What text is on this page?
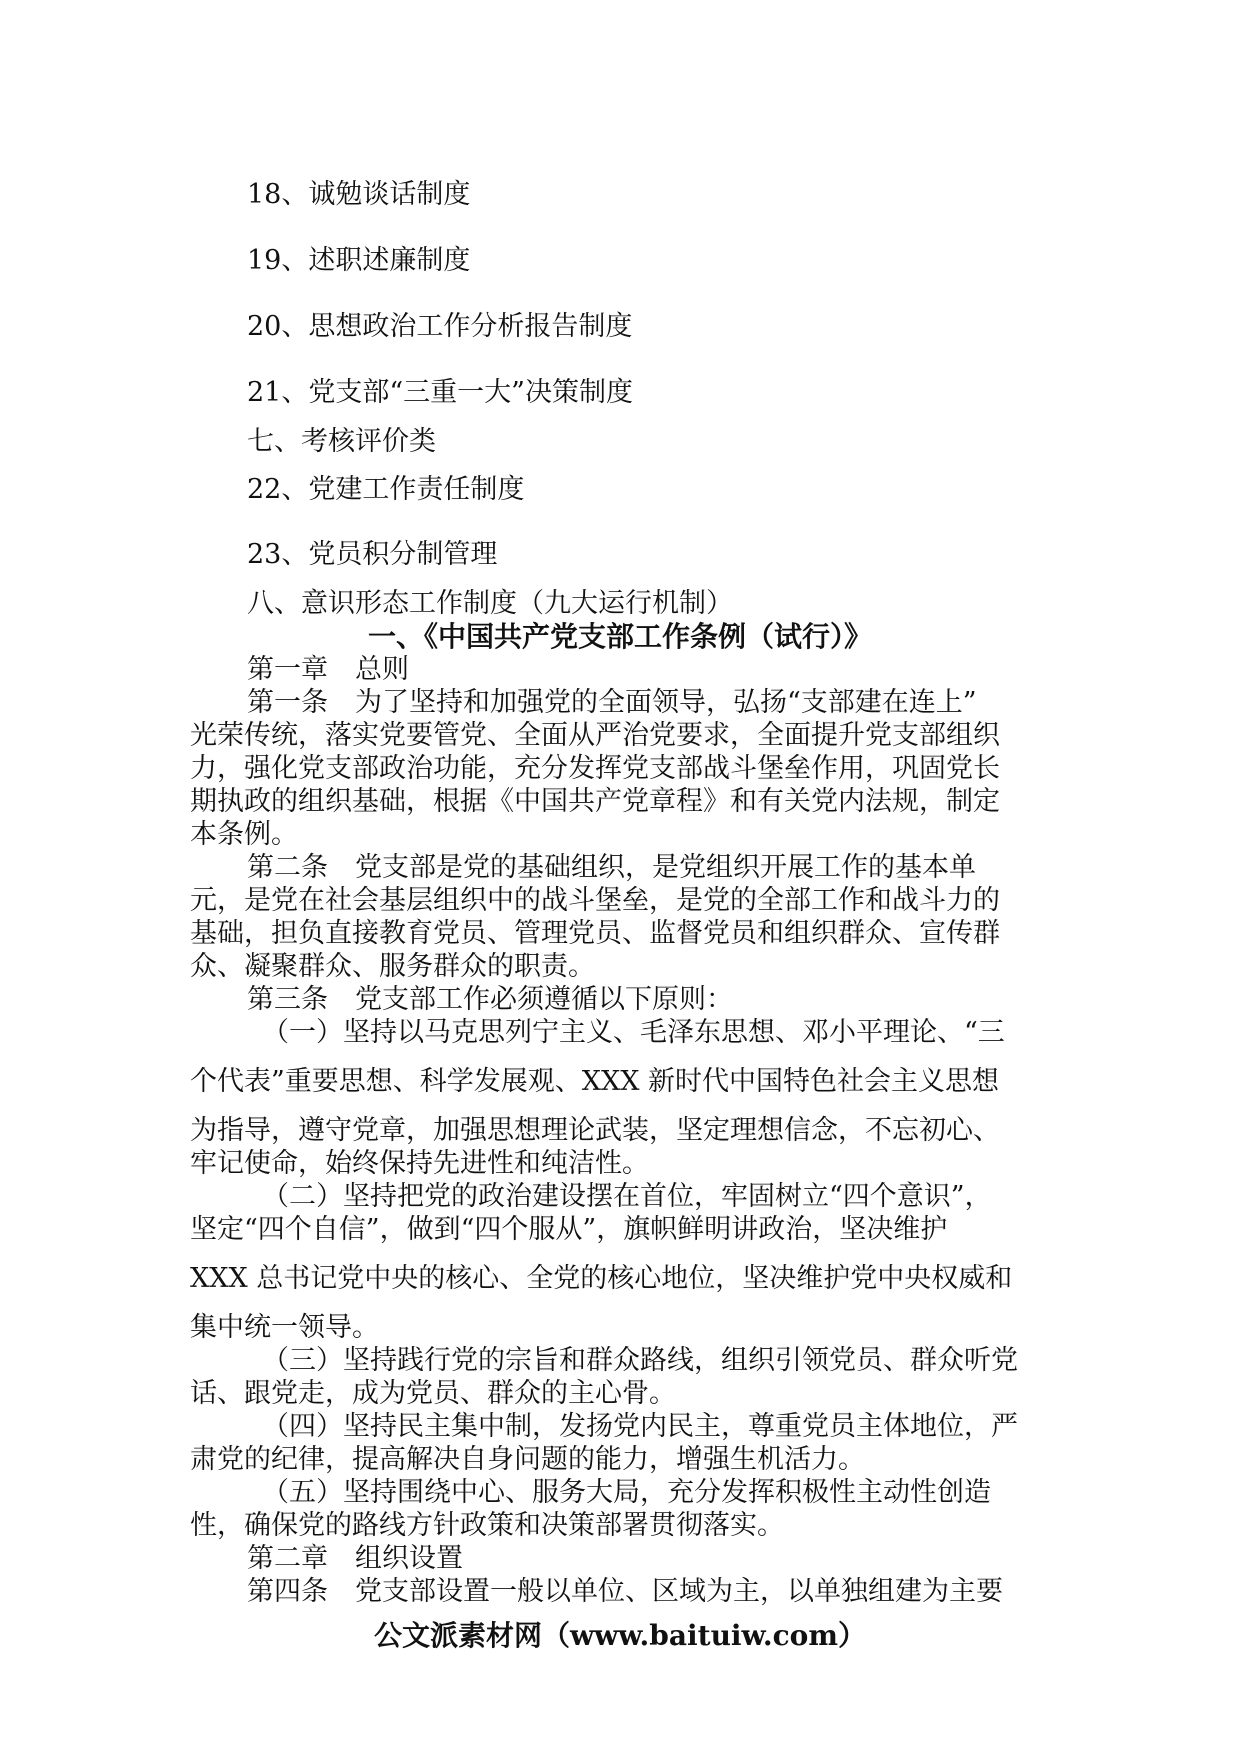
18、诚勉谈话制度
19、述职述廉制度
20、思想政治工作分析报告制度
21、党支部“三重一大”决策制度
七、考核评价类
22、党建工作责任制度
23、党员积分制管理
八、意识形态工作制度（九大运行机制）
一、《中国共产党支部工作条例（试行）》
第一章　总则
第一条　为了坚持和加强党的全面领导，弘扬“支部建在连上”
光荣传统，落实党要管党、全面从严治党要求，全面提升党支部组织
力，强化党支部政治功能，充分发挥党支部战斗堡垒作用，巩固党长
期执政的组织基础，根据《中国共产党章程》和有关党内法规，制定
本条例。
第二条　党支部是党的基础组织，是党组织开展工作的基本单
元，是党在社会基层组织中的战斗堡垒，是党的全部工作和战斗力的
基础，担负直接教育党员、管理党员、监督党员和组织群众、宣传群
众、凝聚群众、服务群众的职责。
第三条　党支部工作必须遵循以下原则：
（一）坚持以马克思列宁主义、毛泽东思想、邓小平理论、“三
个代表”重要思想、科学发展观、XXX 新时代中国特色社会主义思想
为指导，遵守党章，加强思想理论武装，坚定理想信念，不忘初心、
牢记使命，始终保持先进性和纯洁性。
（二）坚持把党的政治建设摆在首位，牢固树立“四个意识”，
坚定“四个自信”，做到“四个服从”，旗帜鲜明讲政治，坚决维护
XXX 总书记党中央的核心、全党的核心地位，坚决维护党中央权威和
集中统一领导。
（三）坚持践行党的宗旨和群众路线，组织引领党员、群众听党
话、跟党走，成为党员、群众的主心骨。
（四）坚持民主集中制，发扬党内民主，尊重党员主体地位，严
肃党的纪律，提高解决自身问题的能力，增强生机活力。
（五）坚持围绕中心、服务大局，充分发挥积极性主动性创造
性，确保党的路线方针政策和决策部署贯彻落实。
第二章　组织设置
第四条　党支部设置一般以单位、区域为主，以单独组建为主要
公文派素材网（www.baituiw.com）
